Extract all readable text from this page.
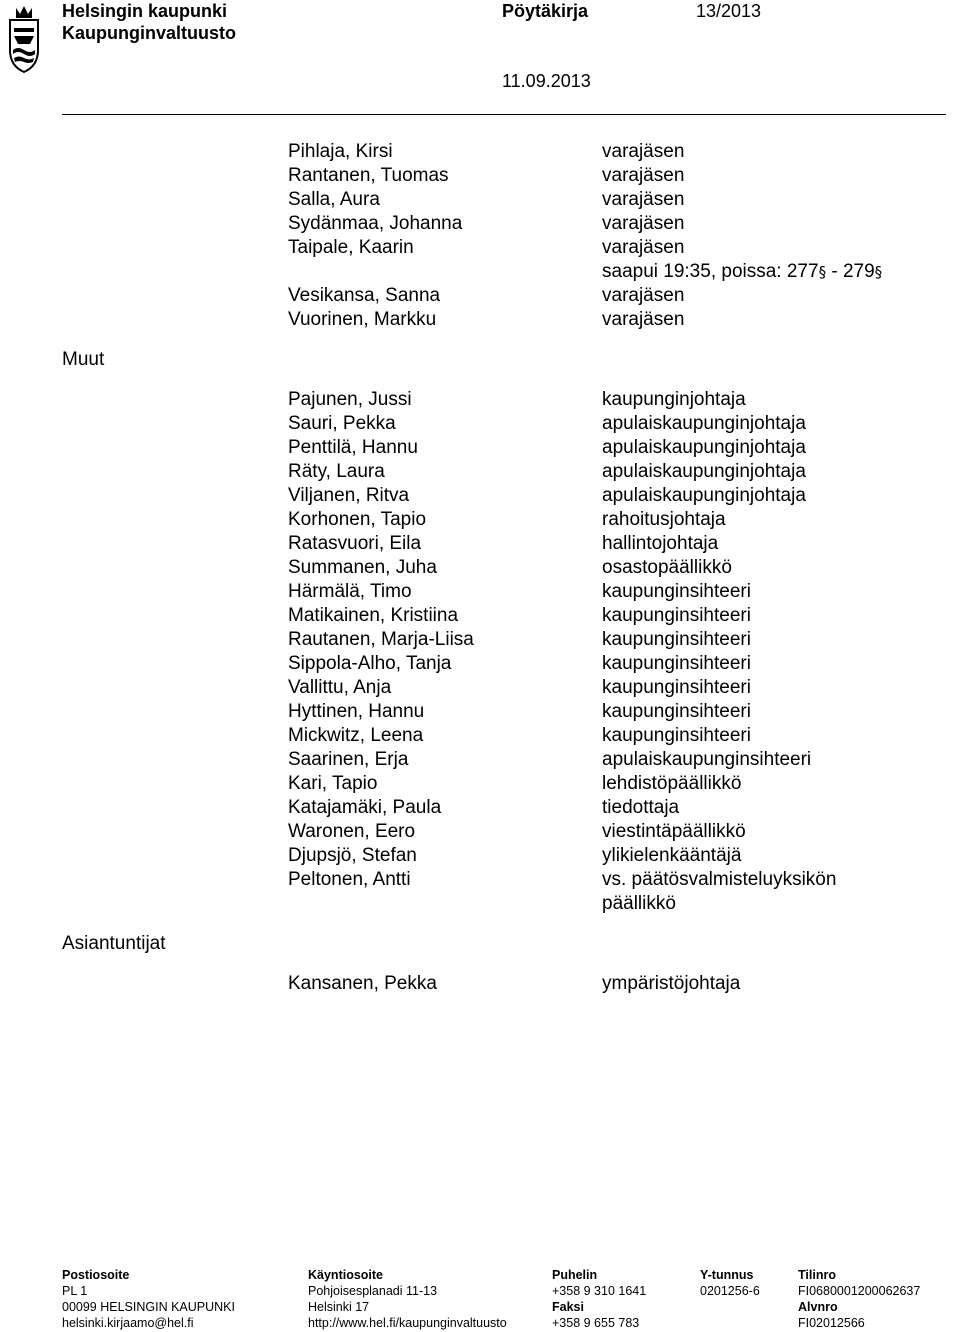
Helsingin kaupunki
Kaupunginvaltuusto
Pöytäkirja	13/2013
11.09.2013
Pihlaja, Kirsi
Rantanen, Tuomas
Salla, Aura
Sydänmaa, Johanna
Taipale, Kaarin
Vesikansa, Sanna
Vuorinen, Markku
varajäsen
varajäsen
varajäsen
varajäsen
varajäsen
saapui 19:35, poissa: 277§ - 279§
varajäsen
varajäsen
Muut
Pajunen, Jussi
Sauri, Pekka
Penttilä, Hannu
Räty, Laura
Viljanen, Ritva
Korhonen, Tapio
Ratasvuori, Eila
Summanen, Juha
Härmälä, Timo
Matikainen, Kristiina
Rautanen, Marja-Liisa
Sippola-Alho, Tanja
Vallittu, Anja
Hyttinen, Hannu
Mickwitz, Leena
Saarinen, Erja
Kari, Tapio
Katajamäki, Paula
Waronen, Eero
Djupsjö, Stefan
Peltonen, Antti
kaupunginjohtaja
apulaiskaupunginjohtaja
apulaiskaupunginjohtaja
apulaiskaupunginjohtaja
apulaiskaupunginjohtaja
rahoitusjohtaja
hallintojohtaja
osastopäällikkö
kaupunginsihteeri
kaupunginsihteeri
kaupunginsihteeri
kaupunginsihteeri
kaupunginsihteeri
kaupunginsihteeri
kaupunginsihteeri
apulaiskaupunginsihteeri
lehdistöpäällikkö
tiedottaja
viestintäpäällikkö
ylikielenkääntäjä
vs. päätösvalmisteluyksikön päällikkö
Asiantuntijat
Kansanen, Pekka	ympäristöjohtaja
Postiosoite
PL 1
00099 HELSINGIN KAUPUNKI
helsinki.kirjaamo@hel.fi
Käyntiosoite
Pohjoisesplanadi 11-13
Helsinki 17
http://www.hel.fi/kaupunginvaltuusto
Puhelin
+358 9 310 1641
Faksi
+358 9 655 783
Y-tunnus
0201256-6
Tilinro
FI0680001200062637
Alvnro
FI02012566
